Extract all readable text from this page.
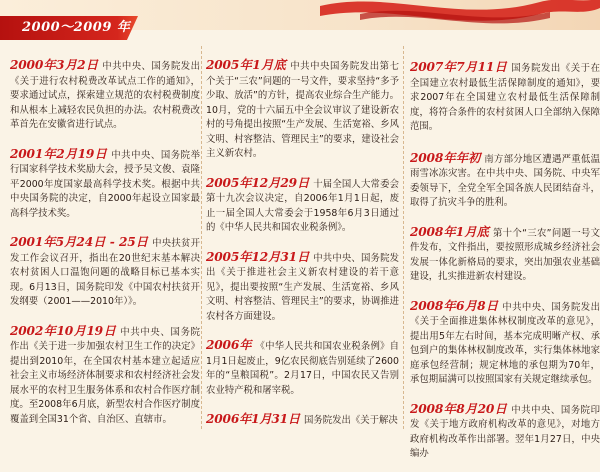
2000～2009 年

2000年3月2日 中共中央、国务院发出《关于进行农村税费改革试点工作的通知》，要求通过试点，探索建立规范的农村税费制度和从根本上减轻农民负担的办法。农村税费改革首先在安徽省进行试点。

2001年2月19日 中共中央、国务院举行国家科学技术奖励大会，授予吴文俊、袁隆平2000年度国家最高科学技术奖。根据中共中央国务院的决定，自2000年起设立国家最高科学技术奖。

2001年5月24日 - 25日 中央扶贫开发工作会议召开，指出在20世纪末基本解决农村贫困人口温饱问题的战略目标已基本实现。6月13日，国务院印发《中国农村扶贫开发纲要（2001——2010年）》。

2002年10月19日 中共中央、国务院作出《关于进一步加强农村卫生工作的决定》提出到2010年，在全国农村基本建立起适应社会主义市场经济体制要求和农村经济社会发展水平的农村卫生服务体系和农村合作医疗制度。至2008年6月底，新型农村合作医疗制度覆盖到全国31个省、自治区、直辖市。

2005年1月底 中共中央国务院发出第七个关于“三农”问题的一号文件，要求坚持“多予少取、放活”的方针，提高农业综合生产能力。10月，党的十六届五中全会议审议了建设新农村的号角提出按照“生产发展、生活宽裕、乡风文明、村容整洁、管理民主”的要求，建设社会主义新农村。

2005年12月29日 十届全国人大常委会第十九次会议决定，自2006年1月1日起，废止一届全国人大常委会于1958年6月3日通过的《中华人民共和国农业税条例》。

2005年12月31日 中共中央、国务院发出《关于推进社会主义新农村建设的若干意见》，提出要按照“生产发展、生活宽裕、乡风文明、村容整洁、管理民主”的要求，协调推进农村各方面建设。

2006年 《中华人民共和国农业税条例》自1月1日起废止，9亿农民彻底告别延续了2600年的“皇粮国税”。2月17日，中国农民又告别农业特产税和屠宰税。

2006年1月31日 国务院发出《关于解决

2007年7月11日 国务院发出《关于在全国建立农村最低生活保障制度的通知》，要求2007年在全国建立农村最低生活保障制度，将符合条件的农村贫困人口全部纳入保障范围。

2008年年初 南方部分地区遭遇严重低温雨雪冰冻灾害。在中共中央、国务院、中央军委领导下，全党全军全国各族人民团结奋斗，取得了抗灾斗争的胜利。

2008年1月底 第十个“三农”问题一号文件发布，文件指出，要按照形成城乡经济社会发展一体化新格局的要求，突出加强农业基础建设，扎实推进新农村建设。

2008年6月8日 中共中央、国务院发出《关于全面推进集体林权制度改革的意见》，提出用5年左右时间，基本完成明晰产权、承包到户的集体林权制度改革，实行集体林地家庭承包经营制；规定林地的承包期为70年，承包期届满可以按照国家有关规定继续承包。

2008年8月20日 中共中央、国务院印发《关于地方政府机构改革的意见》，对地方政府机构改革作出部署。翌年1月27日，中央编办
